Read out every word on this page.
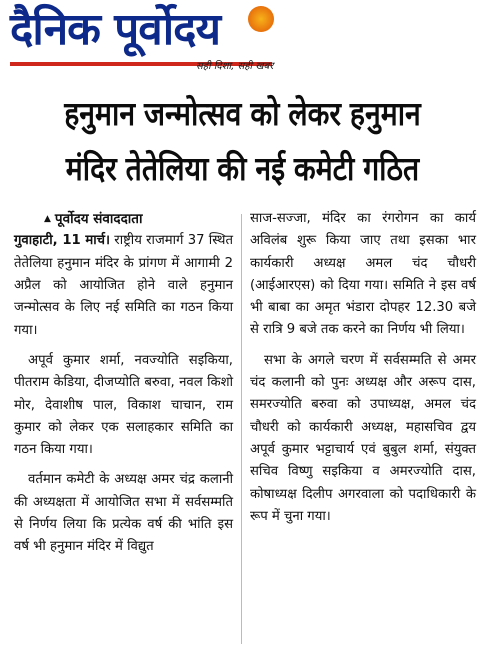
दैनिक पूर्वोदय
सही दिशा, सही खबर
हनुमान जन्मोत्सव को लेकर हनुमान
मंदिर तेतेलिया की नई कमेटी गठित
▲ पूर्वोदय संवाददाता

गुवाहाटी, 11 मार्च। राष्ट्रीय राजमार्ग 37 स्थित तेतेलिया हनुमान मंदिर के प्रांगण में आगामी 2 अप्रैल को आयोजित होने वाले हनुमान जन्मोत्सव के लिए नई समिति का गठन किया गया।

अपूर्व कुमार शर्मा, नवज्योति सइकिया, पीतराम केडिया, दीजप्योति बरुवा, नवल किशो मोर, देवाशीष पाल, विकाश चाचान, राम कुमार को लेकर एक सलाहकार समिति का गठन किया गया।

वर्तमान कमेटी के अध्यक्ष अमर चंद्र कलानी की अध्यक्षता में आयोजित सभा में सर्वसम्मति से निर्णय लिया कि प्रत्येक वर्ष की भांति इस वर्ष भी हनुमान मंदिर में विद्युत

साज-सज्जा, मंदिर का रंगरोगन का कार्य अविलंब शुरू किया जाए तथा इसका भार कार्यकारी अध्यक्ष अमल चंद चौधरी (आईआरएस) को दिया गया। समिति ने इस वर्ष भी बाबा का अमृत भंडारा दोपहर 12.30 बजे से रात्रि 9 बजे तक करने का निर्णय भी लिया।

सभा के अगले चरण में सर्वसम्मति से अमर चंद कलानी को पुनः अध्यक्ष और अरूप दास, समरज्योति बरुवा को उपाध्यक्ष, अमल चंद चौधरी को कार्यकारी अध्यक्ष, महासचिव द्वय अपूर्व कुमार भट्टाचार्य एवं बुबुल शर्मा, संयुक्त सचिव विष्णु सइकिया व अमरज्योति दास, कोषाध्यक्ष दिलीप अगरवाला को पदाधिकारी के रूप में चुना गया।
